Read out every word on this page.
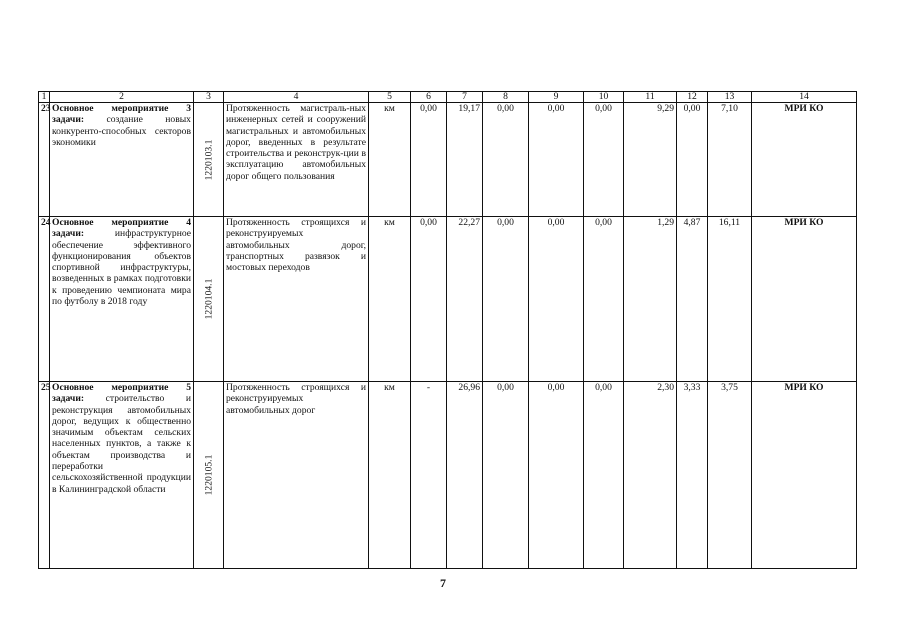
1	2	3	4	5	6	7	8	9	10	11	12	13	14
23	Основное мероприятие 3 задачи: создание новых конкуренто-способных секторов экономики	1220103.1	Протяженность магистраль-ных инженерных сетей и сооружений магистральных и автомобильных дорог, введенных в результате строительства и реконструк-ции в эксплуатацию автомобильных дорог общего пользования	км	0,00	19,17	0,00	0,00	0,00	9,29	0,00	7,10	МРИ КО
24	Основное мероприятие 4 задачи: инфраструктурное обеспечение эффективного функционирования объектов спортивной инфраструктуры, возведенных в рамках подготовки к проведению чемпионата мира по футболу в 2018 году	1220104.1	Протяженность строящихся и реконструируемых автомобильных дорог, транспортных развязок и мостовых переходов	км	0,00	22,27	0,00	0,00	0,00	1,29	4,87	16,11	МРИ КО
25	Основное мероприятие 5 задачи: строительство и реконструкция автомобильных дорог, ведущих к общественно значимым объектам сельских населенных пунктов, а также к объектам производства и переработки сельскохозяйственной продукции в Калининградской области	1220105.1	Протяженность строящихся и реконструируемых автомобильных дорог	км	-	26,96	0,00	0,00	0,00	2,30	3,33	3,75	МРИ КО
7
